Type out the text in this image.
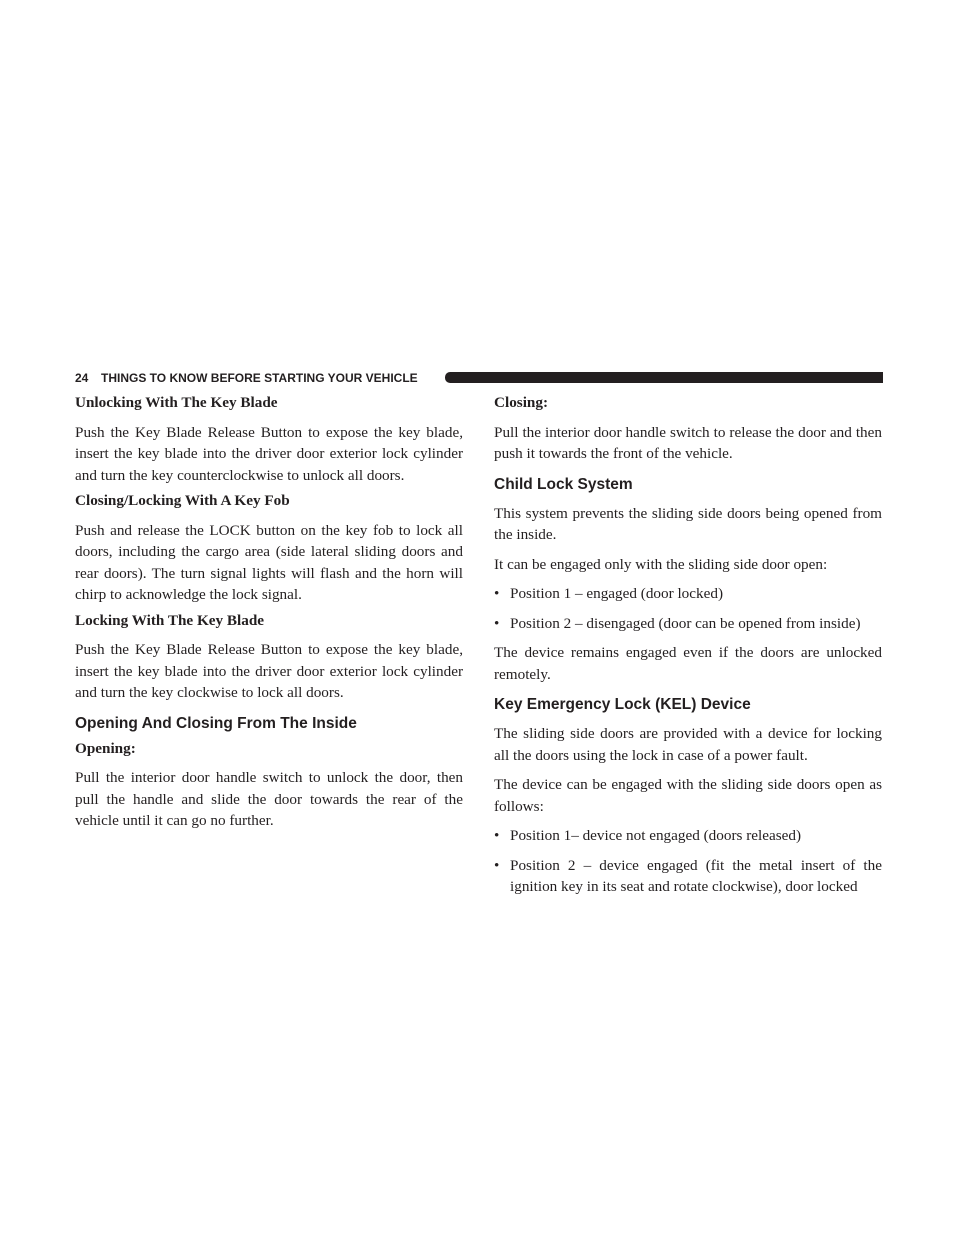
24 THINGS TO KNOW BEFORE STARTING YOUR VEHICLE

Unlocking With The Key Blade

Push the Key Blade Release Button to expose the key blade, insert the key blade into the driver door exterior lock cylinder and turn the key counterclockwise to unlock all doors.

Closing/Locking With A Key Fob

Push and release the LOCK button on the key fob to lock all doors, including the cargo area (side lateral sliding doors and rear doors). The turn signal lights will flash and the horn will chirp to acknowledge the lock signal.

Locking With The Key Blade

Push the Key Blade Release Button to expose the key blade, insert the key blade into the driver door exterior lock cylinder and turn the key clockwise to lock all doors.

Opening And Closing From The Inside

Opening:

Pull the interior door handle switch to unlock the door, then pull the handle and slide the door towards the rear of the vehicle until it can go no further.

Closing:

Pull the interior door handle switch to release the door and then push it towards the front of the vehicle.

Child Lock System

This system prevents the sliding side doors being opened from the inside.

It can be engaged only with the sliding side door open:

• Position 1 – engaged (door locked)
• Position 2 – disengaged (door can be opened from inside)

The device remains engaged even if the doors are unlocked remotely.

Key Emergency Lock (KEL) Device

The sliding side doors are provided with a device for locking all the doors using the lock in case of a power fault.

The device can be engaged with the sliding side doors open as follows:

• Position 1– device not engaged (doors released)
• Position 2 – device engaged (fit the metal insert of the ignition key in its seat and rotate clockwise), door locked
